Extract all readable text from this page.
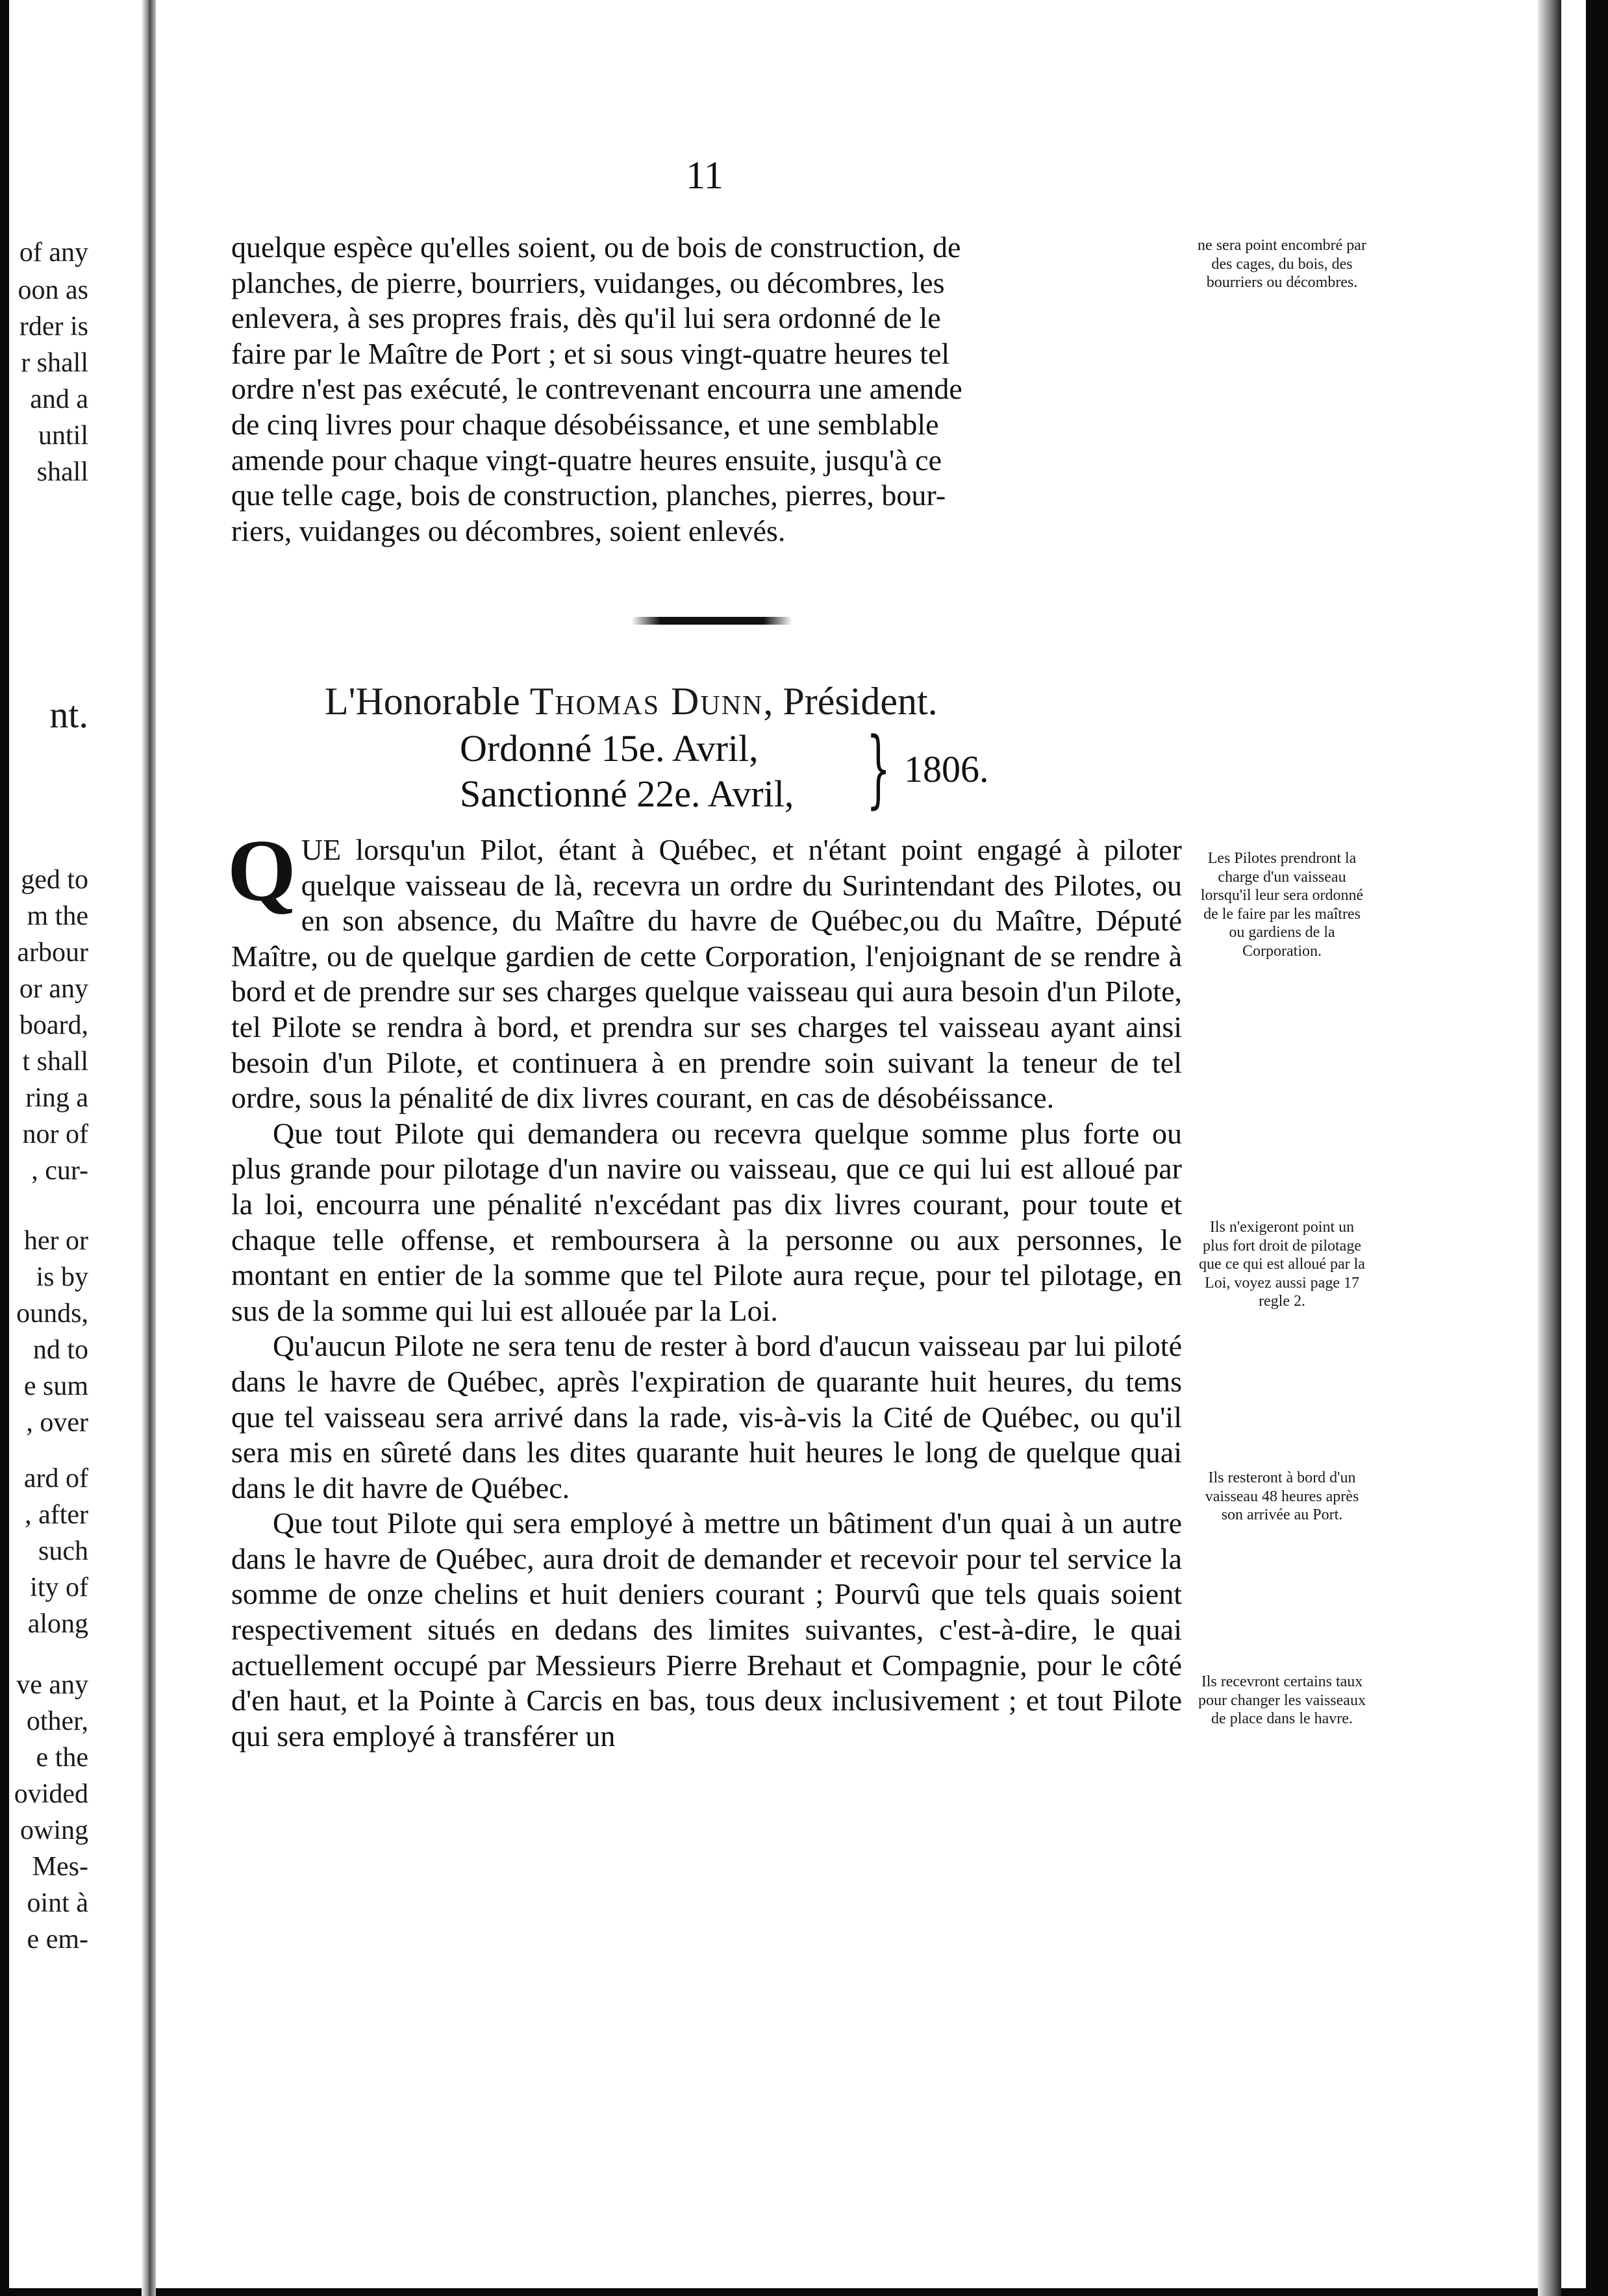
of any
oon as
rder is
r shall
and a
until
shall
nt.
ged to
m the
arbour
or any
board,
t shall
ring a
nor of
, cur-
her or
is by
ounds,
nd to
e sum
, over
ard of
, after
such
ity of
along
ve any
other,
e the
ovided
owing
Mes-
oint à
e em-
11
quelque espèce qu'elles soient, ou de bois de construction, de
planches, de pierre, bourriers, vuidanges, ou décombres, les
enlevera, à ses propres frais, dès qu'il lui sera ordonné de le
faire par le Maître de Port ; et si sous vingt-quatre heures tel
ordre n'est pas exécuté, le contrevenant encourra une amende
de cinq livres pour chaque désobéissance, et une semblable
amende pour chaque vingt-quatre heures ensuite, jusqu'à ce
que telle cage, bois de construction, planches, pierres, bour-
riers, vuidanges ou décombres, soient enlevés.
L'Honorable Thomas Dunn, Président.
Ordonné 15e. Avril,
Sanctionné 22e. Avril, } 1806.

QUE lorsqu'un Pilot, étant à Québec, et n'étant point engagé à piloter quelque vaisseau de là, recevra un ordre du Surintendant des Pilotes, ou en son absence, du Maître du havre de Québec,ou du Maître, Député Maître, ou de quelque gardien de cette Corporation, l'enjoignant de se rendre à bord et de prendre sur ses charges quelque vaisseau qui aura besoin d'un Pilote, tel Pilote se rendra à bord, et prendra sur ses charges tel vaisseau ayant ainsi besoin d'un Pilote, et continuera à en prendre soin suivant la teneur de tel ordre, sous la pénalité de dix livres courant, en cas de désobéissance.

Que tout Pilote qui demandera ou recevra quelque somme plus forte ou plus grande pour pilotage d'un navire ou vaisseau, que ce qui lui est alloué par la loi, encourra une pénalité n'excédant pas dix livres courant, pour toute et chaque telle offense, et remboursera à la personne ou aux personnes, le montant en entier de la somme que tel Pilote aura reçue, pour tel pilotage, en sus de la somme qui lui est allouée par la Loi.

Qu'aucun Pilote ne sera tenu de rester à bord d'aucun vaisseau par lui piloté dans le havre de Québec, après l'expiration de quarante huit heures, du tems que tel vaisseau sera arrivé dans la rade, vis-à-vis la Cité de Québec, ou qu'il sera mis en sûreté dans les dites quarante huit heures le long de quelque quai dans le dit havre de Québec.

Que tout Pilote qui sera employé à mettre un bâtiment d'un quai à un autre dans le havre de Québec, aura droit de demander et recevoir pour tel service la somme de onze chelins et huit deniers courant ; Pourvû que tels quais soient respectivement situés en dedans des limites suivantes, c'est-à-dire, le quai actuellement occupé par Messieurs Pierre Brehaut et Compagnie, pour le côté d'en haut, et la Pointe à Carcis en bas, tous deux inclusivement ; et tout Pilote qui sera employé à transférer un

ne sera point encombré par des cages, du bois, des bourriers ou décombres.
Les Pilotes prendront la charge d'un vaisseau lorsqu'il leur sera ordonné de le faire par les maîtres ou gardiens de la Corporation.
Ils n'exigeront point un plus fort droit de pilotage que ce qui est alloué par la Loi, voyez aussi page 17 regle 2.
Ils resteront à bord d'un vaisseau 48 heures après son arrivée au Port.
Ils recevront certains taux pour changer les vaisseaux de place dans le havre.
